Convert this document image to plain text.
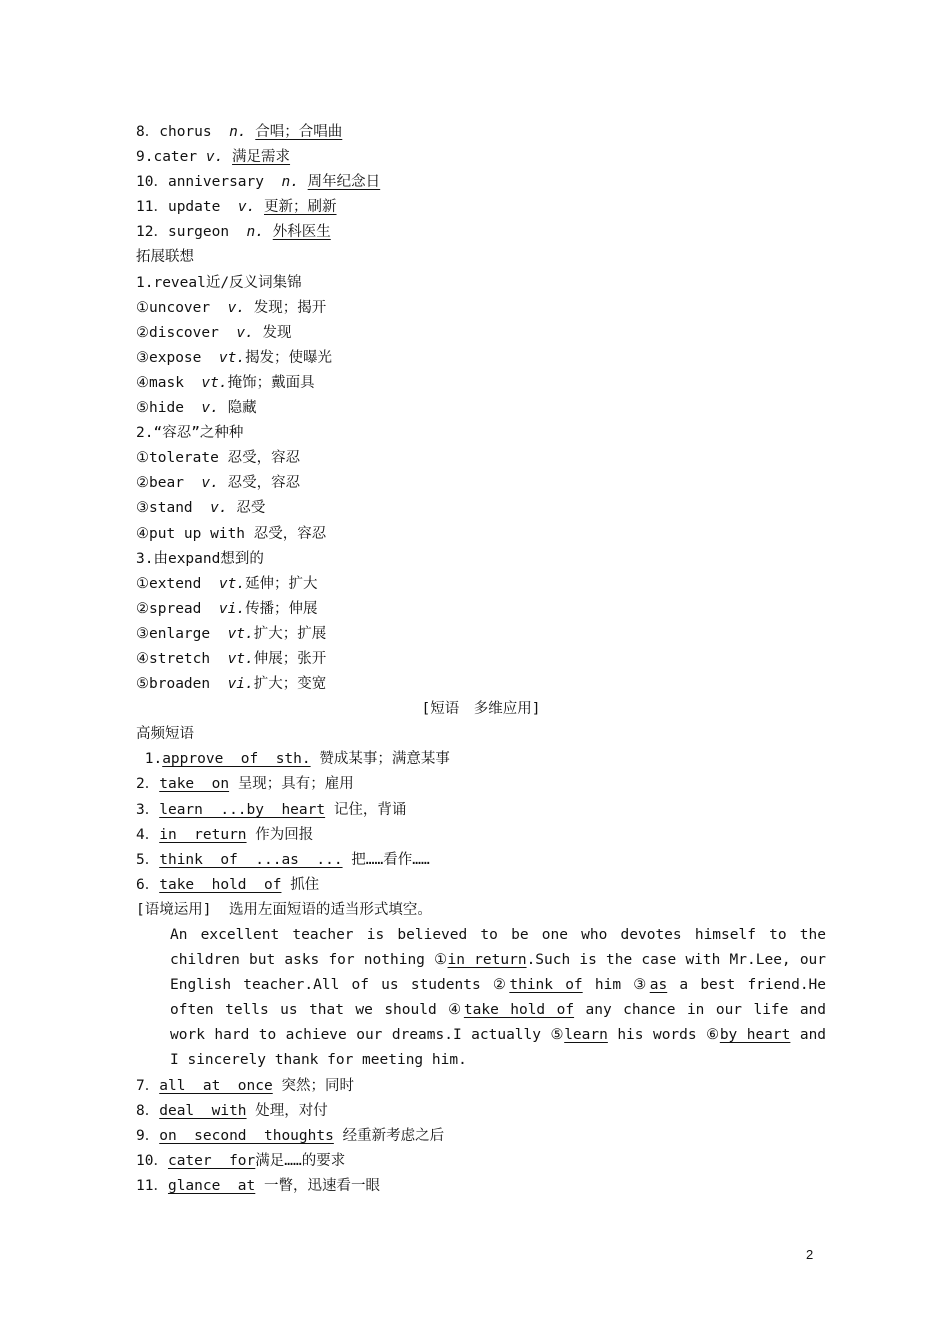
8．chorus n. 合唱；合唱曲
9.cater v. 满足需求
10．anniversary n. 周年纪念日
11．update v. 更新；刷新
12．surgeon n. 外科医生
拓展联想
1.reveal近/反义词集锦
①uncover v. 发现；揭开
②discover v. 发现
③expose vt.揭发；使曝光
④mask vt.掩饰；戴面具
⑤hide v. 隐藏
2.“容忍”之种种
①tolerate 忍受，容忍
②bear v. 忍受，容忍
③stand v. 忍受
④put up with 忍受，容忍
3.由expand想到的
①extend vt.延伸；扩大
②spread vi.传播；伸展
③enlarge vt.扩大；扩展
④stretch vt.伸展；张开
⑤broaden vi.扩大；变宽
[短语　多维应用]
高频短语
1.approve  of  sth. 赞成某事；满意某事
2．take  on 呈现；具有；雇用
3．learn  ...by  heart 记住，背诵
4．in  return 作为回报
5．think  of  ...as  ... 把……看作……
6．take  hold  of 抓住
[语境运用] 选用左面短语的适当形式填空。
An excellent teacher is believed to be one who devotes himself to the children but asks for nothing ①in return.Such is the case with Mr.Lee, our English teacher.All of us students ②think of him ③as a best friend.He often tells us that we should ④take hold of any chance in our life and work hard to achieve our dreams.I actually ⑤learn his words ⑥by heart and I sincerely thank for meeting him.
7．all  at  once 突然；同时
8．deal  with 处理，对付
9．on  second  thoughts 经重新考虑之后
10．cater  for满足……的要求
11．glance  at 一瞥，迅速看一眼
2
